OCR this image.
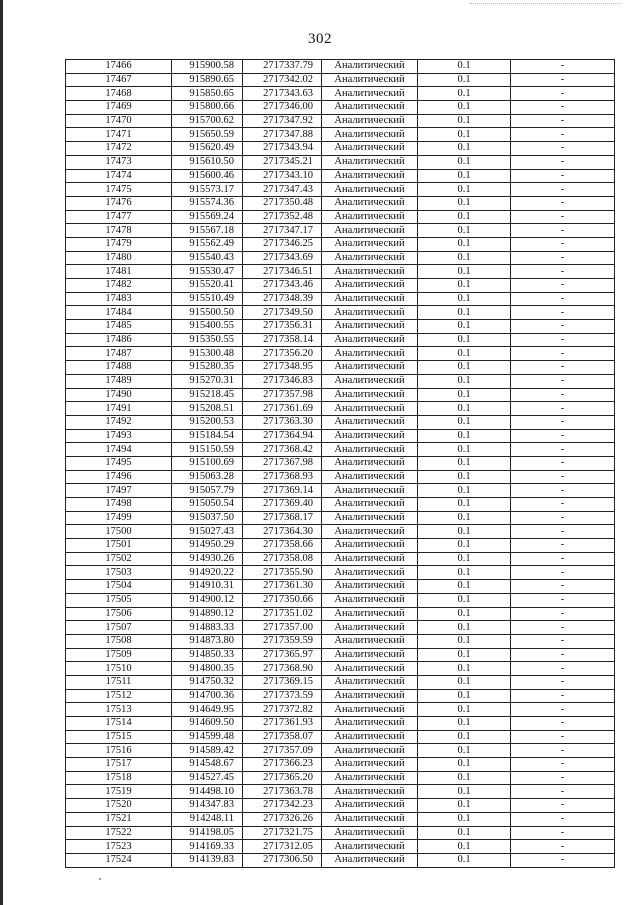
302
17466	915900.58	2717337.79	Аналитический	0.1	-
17467	915890.65	2717342.02	Аналитический	0.1	-
17468	915850.65	2717343.63	Аналитический	0.1	-
17469	915800.66	2717346.00	Аналитический	0.1	-
17470	915700.62	2717347.92	Аналитический	0.1	-
17471	915650.59	2717347.88	Аналитический	0.1	-
17472	915620.49	2717343.94	Аналитический	0.1	-
17473	915610.50	2717345.21	Аналитический	0.1	-
17474	915600.46	2717343.10	Аналитический	0.1	-
17475	915573.17	2717347.43	Аналитический	0.1	-
17476	915574.36	2717350.48	Аналитический	0.1	-
17477	915569.24	2717352.48	Аналитический	0.1	-
17478	915567.18	2717347.17	Аналитический	0.1	-
17479	915562.49	2717346.25	Аналитический	0.1	-
17480	915540.43	2717343.69	Аналитический	0.1	-
17481	915530.47	2717346.51	Аналитический	0.1	-
17482	915520.41	2717343.46	Аналитический	0.1	-
17483	915510.49	2717348.39	Аналитический	0.1	-
17484	915500.50	2717349.50	Аналитический	0.1	-
17485	915400.55	2717356.31	Аналитический	0.1	-
17486	915350.55	2717358.14	Аналитический	0.1	-
17487	915300.48	2717356.20	Аналитический	0.1	-
17488	915280.35	2717348.95	Аналитический	0.1	-
17489	915270.31	2717346.83	Аналитический	0.1	-
17490	915218.45	2717357.98	Аналитический	0.1	-
17491	915208.51	2717361.69	Аналитический	0.1	-
17492	915200.53	2717363.30	Аналитический	0.1	-
17493	915184.54	2717364.94	Аналитический	0.1	-
17494	915150.59	2717368.42	Аналитический	0.1	-
17495	915100.69	2717367.98	Аналитический	0.1	-
17496	915063.28	2717368.93	Аналитический	0.1	-
17497	915057.79	2717369.14	Аналитический	0.1	-
17498	915050.54	2717369.40	Аналитический	0.1	-
17499	915037.50	2717368.17	Аналитический	0.1	-
17500	915027.43	2717364.30	Аналитический	0.1	-
17501	914950.29	2717358.66	Аналитический	0.1	-
17502	914930.26	2717358.08	Аналитический	0.1	-
17503	914920.22	2717355.90	Аналитический	0.1	-
17504	914910.31	2717361.30	Аналитический	0.1	-
17505	914900.12	2717350.66	Аналитический	0.1	-
17506	914890.12	2717351.02	Аналитический	0.1	-
17507	914883.33	2717357.00	Аналитический	0.1	-
17508	914873.80	2717359.59	Аналитический	0.1	-
17509	914850.33	2717365.97	Аналитический	0.1	-
17510	914800.35	2717368.90	Аналитический	0.1	-
17511	914750.32	2717369.15	Аналитический	0.1	-
17512	914700.36	2717373.59	Аналитический	0.1	-
17513	914649.95	2717372.82	Аналитический	0.1	-
17514	914609.50	2717361.93	Аналитический	0.1	-
17515	914599.48	2717358.07	Аналитический	0.1	-
17516	914589.42	2717357.09	Аналитический	0.1	-
17517	914548.67	2717366.23	Аналитический	0.1	-
17518	914527.45	2717365.20	Аналитический	0.1	-
17519	914498.10	2717363.78	Аналитический	0.1	-
17520	914347.83	2717342.23	Аналитический	0.1	-
17521	914248.11	2717326.26	Аналитический	0.1	-
17522	914198.05	2717321.75	Аналитический	0.1	-
17523	914169.33	2717312.05	Аналитический	0.1	-
17524	914139.83	2717306.50	Аналитический	0.1	-
